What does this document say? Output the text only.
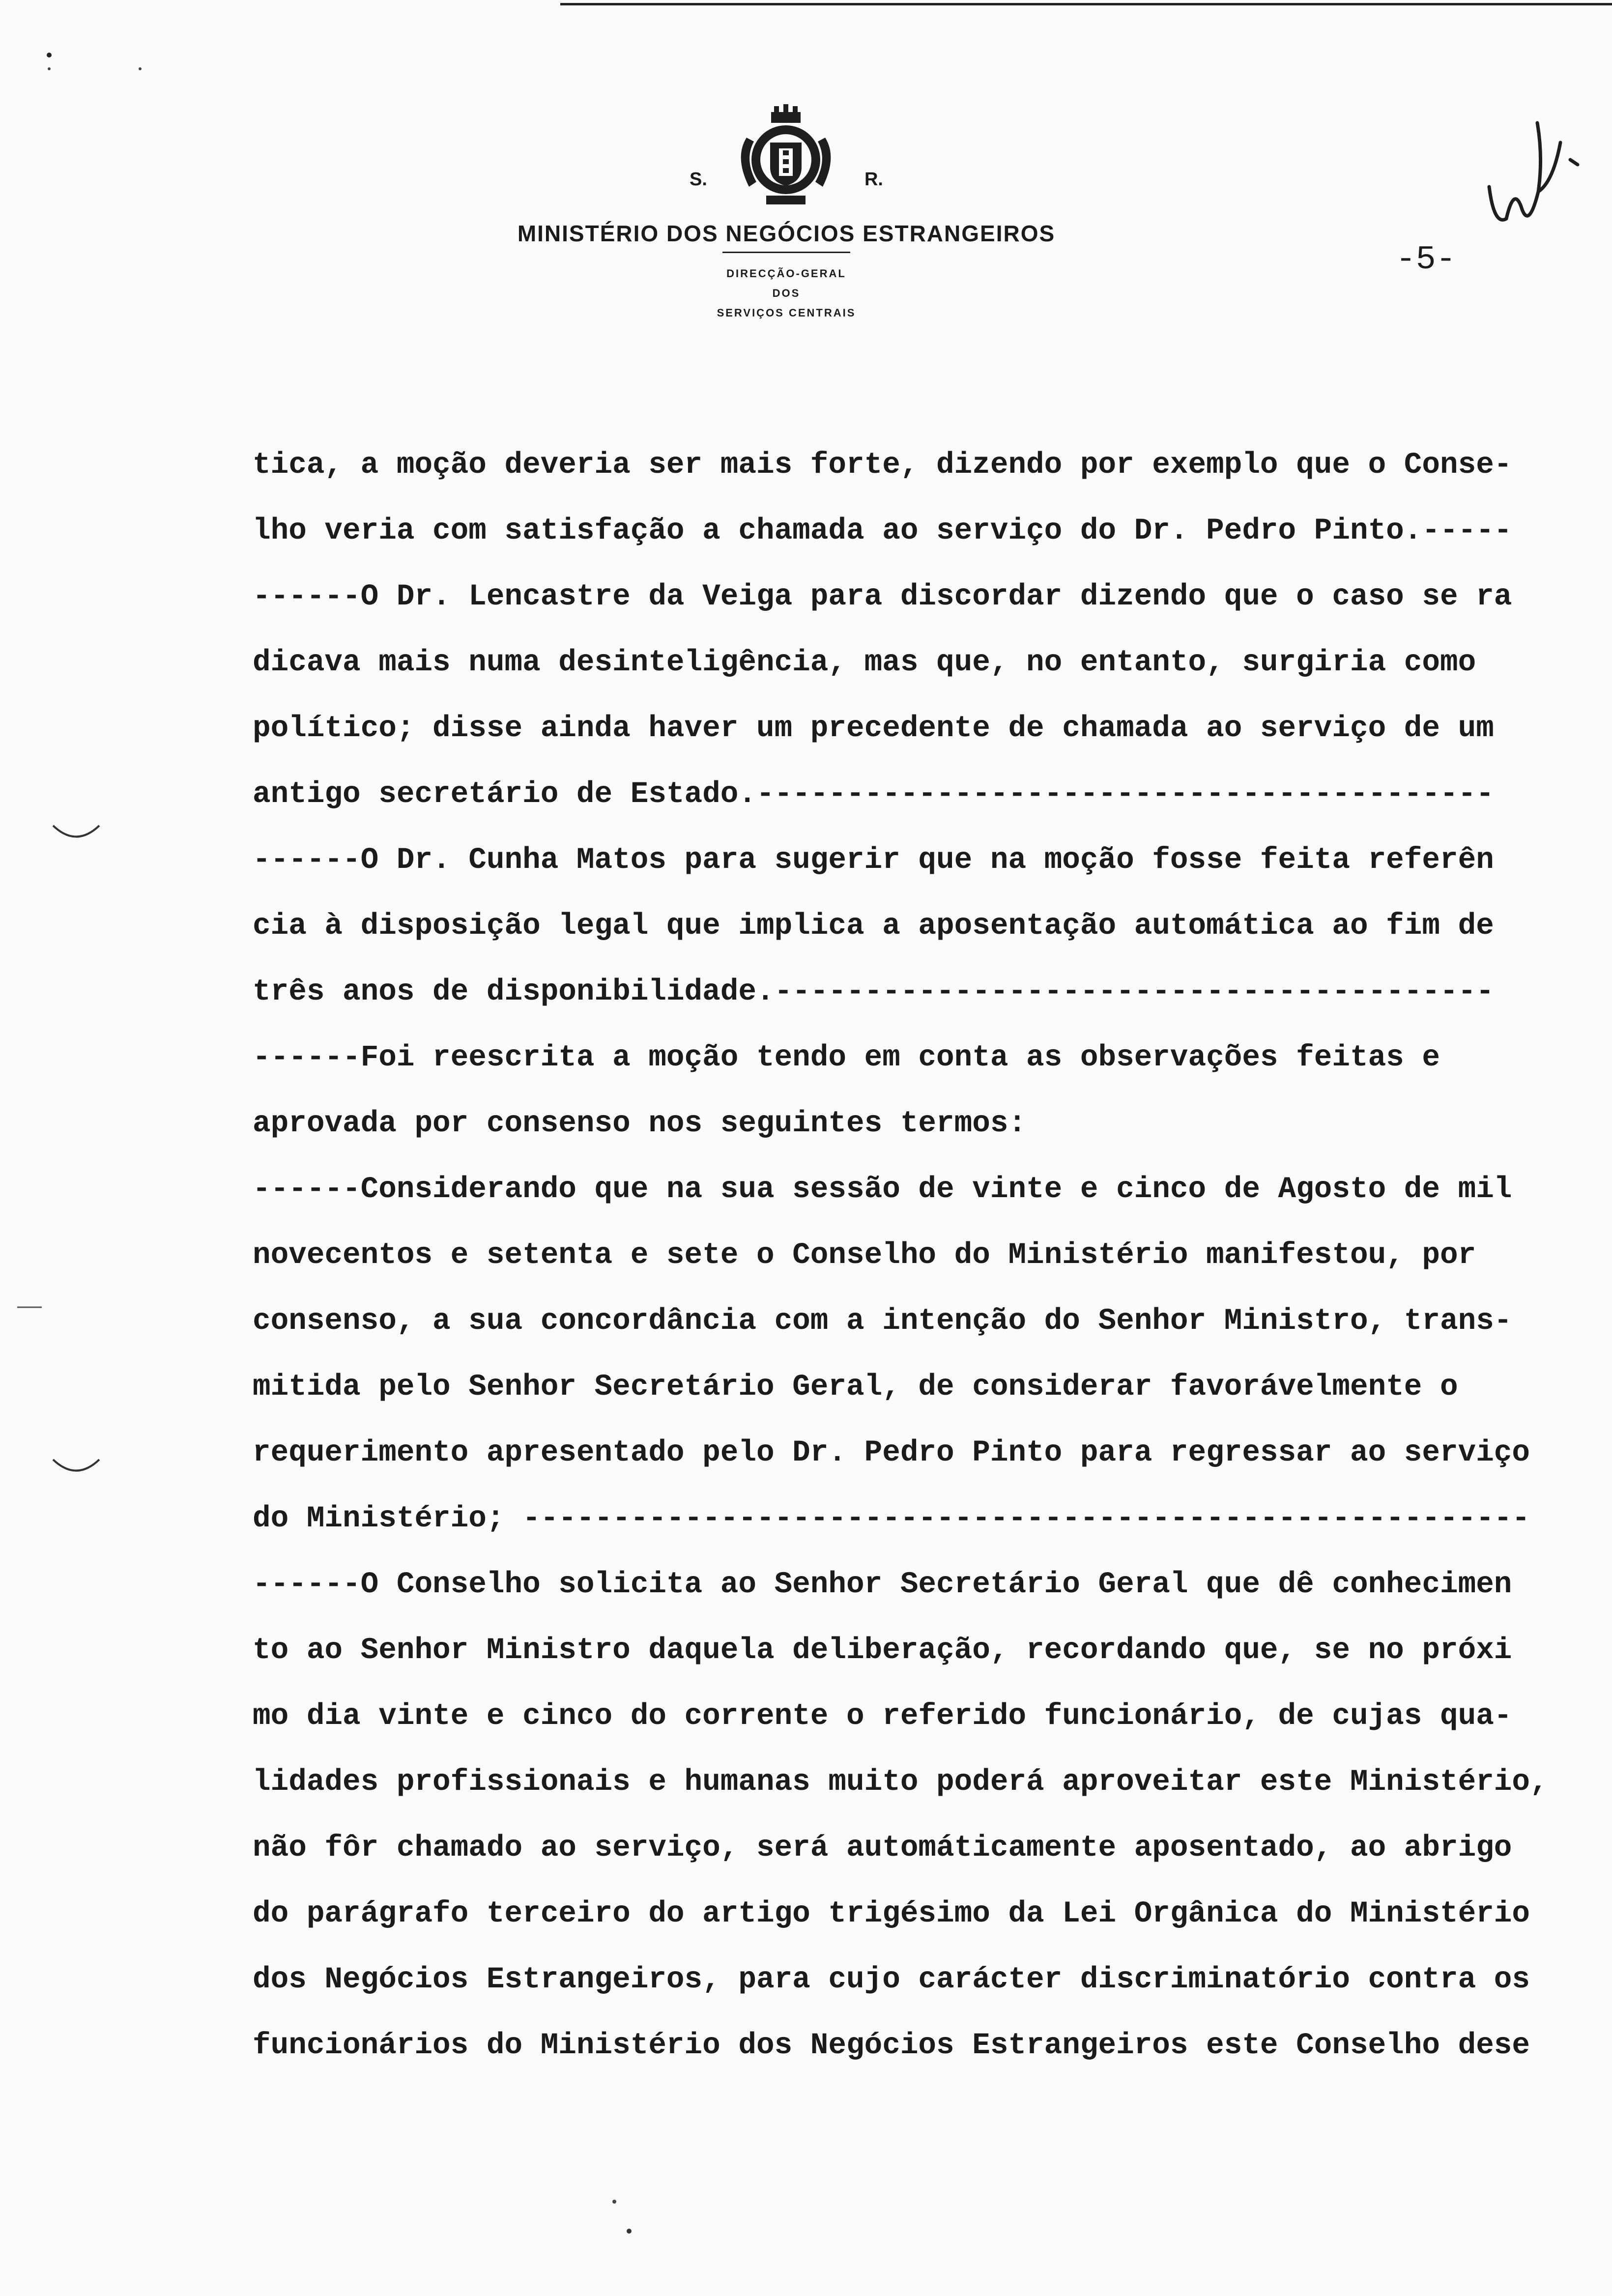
S.	R.
MINISTÉRIO DOS NEGÓCIOS ESTRANGEIROS
DIRECÇÃO-GERAL
DOS
SERVIÇOS CENTRAIS
-5-
tica, a moção deveria ser mais forte, dizendo por exemplo que o Conse-
lho veria com satisfação a chamada ao serviço do Dr. Pedro Pinto.-----
------O Dr. Lencastre da Veiga para discordar dizendo que o caso se ra
dicava mais numa desinteligência, mas que, no entanto, surgiria como
político; disse ainda haver um precedente de chamada ao serviço de um
antigo secretário de Estado.-----------------------------------------
------O Dr. Cunha Matos para sugerir que na moção fosse feita referên
cia à disposição legal que implica a aposentação automática ao fim de
três anos de disponibilidade.----------------------------------------
------Foi reescrita a moção tendo em conta as observações feitas e
aprovada por consenso nos seguintes termos:
------Considerando que na sua sessão de vinte e cinco de Agosto de mil
novecentos e setenta e sete o Conselho do Ministério manifestou, por
consenso, a sua concordância com a intenção do Senhor Ministro, trans-
mitida pelo Senhor Secretário Geral, de considerar favorávelmente o
requerimento apresentado pelo Dr. Pedro Pinto para regressar ao serviço
do Ministério; --------------------------------------------------------
------O Conselho solicita ao Senhor Secretário Geral que dê conhecimen
to ao Senhor Ministro daquela deliberação, recordando que, se no próxi
mo dia vinte e cinco do corrente o referido funcionário, de cujas qua-
lidades profissionais e humanas muito poderá aproveitar este Ministério,
não fôr chamado ao serviço, será automáticamente aposentado, ao abrigo
do parágrafo terceiro do artigo trigésimo da Lei Orgânica do Ministério
dos Negócios Estrangeiros, para cujo carácter discriminatório contra os
funcionários do Ministério dos Negócios Estrangeiros este Conselho dese
